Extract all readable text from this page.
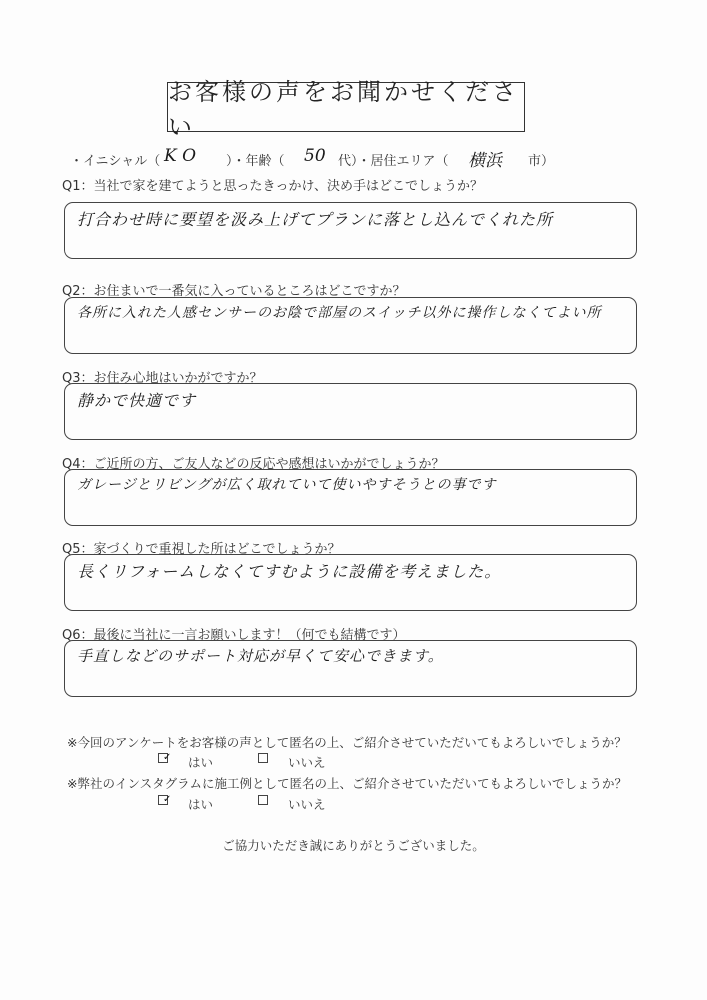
お客様の声をお聞かせください
・イニシャル（ K O ）・年齢（ 50 代）・居住エリア（ 横浜 市）
Q1：当社で家を建てようと思ったきっかけ、決め手はどこでしょうか？
打合わせ時に要望を汲み上げてプランに落とし込んでくれた所
Q2：お住まいで一番気に入っているところはどこですか？
各所に入れた人感センサーのお陰で部屋のスイッチ以外に操作しなくてよい所
Q3：お住み心地はいかがですか？
静かで快適です
Q4：ご近所の方、ご友人などの反応や感想はいかがでしょうか？
ガレージとリビングが広く取れていて使いやすそうとの事です
Q5：家づくりで重視した所はどこでしょうか？
長くリフォームしなくてすむように設備を考えました。
Q6：最後に当社に一言お願いします！（何でも結構です）
手直しなどのサポート対応が早くて安心できます。
※今回のアンケートをお客様の声として匿名の上、ご紹介させていただいてもよろしいでしょうか？
✓ はい	いいえ
※弊社のインスタグラムに施工例として匿名の上、ご紹介させていただいてもよろしいでしょうか？
✓ はい	いいえ
ご協力いただき誠にありがとうございました。
